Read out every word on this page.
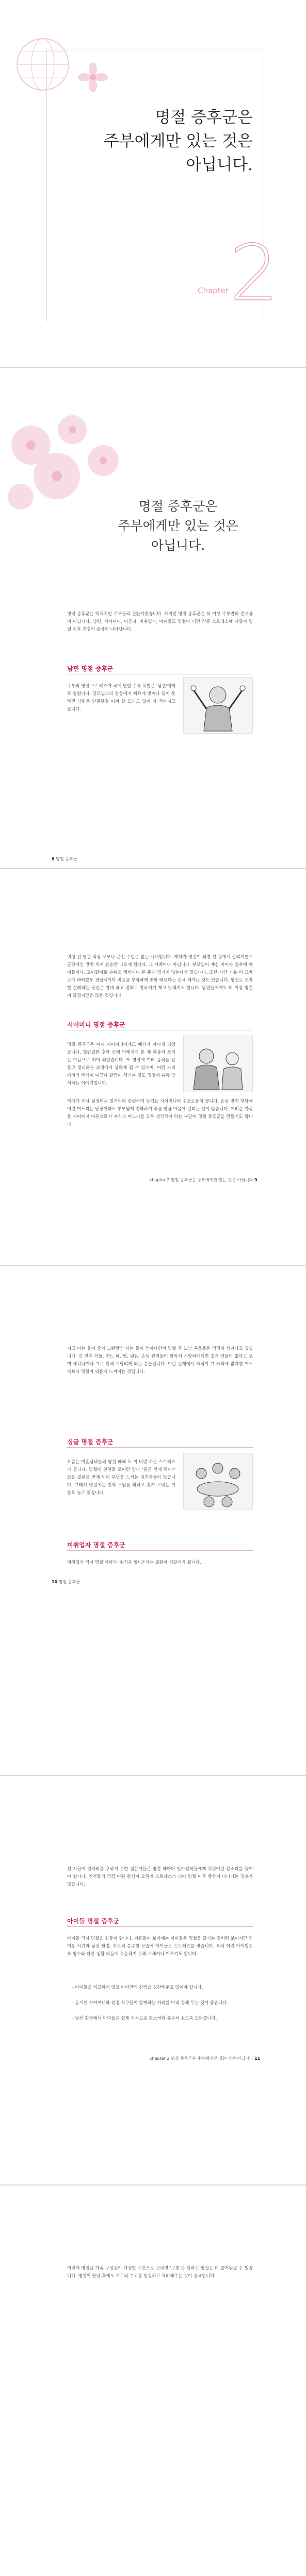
명절 증후군은
주부에게만 있는 것은
아닙니다.
Chapter 2
명절 증후군은
주부에게만 있는 것은
아닙니다.
명절 증후군은 대표적인 주부들의 질환이었습니다. 하지만 명절 증후군은 더 이상 주부만의 전유물이 아닙니다. 남편, 시어머니, 미혼자, 미취업자, 아이들도 명절이 되면 각종 스트레스에 시달려 명절 이후 전후의 증상이 나타납니다.
남편 명절 증후군
주부의 명절 스트레스가 극에 달할 수록 폭발은 '남편'에게로 향합니다. 장모님과의 갈등에서 빠르게 벗어나 있지 못하면 남편은 안절부절 어찌 할 도리도 없어 가 작아지고 맙니다.
8 명절 증후군
귀성 전 명절 직장 조모나 운전 수번은 많는 시대입니다. 게다가 명절이 되면 친 정에서 깔려지면서 군량계인 방면 처지 환송만 나오게 합니다. 그 가족마다 아넘니다. 부모님이 계신 지이는 경우에 아이들이다, 고이갈마로 손위을 해비되니 돈 문제 명리지 않는데가 많습니다. 또한 시간 자유 비 교차로에 바라봤도 정답서이다 비용을 부담하게 좋할 때보다는 신세 해가는 것도 있습니다. 명절로 도착한 실패하는 당신은 연대 하고 전화로 말하지기 제고 밧해지도 합니다. 남편들에게도 더 이상 명절이 즐겁지만은 않은 것입니다.
시어머니 명절 증후군
명절 증후군은 이제 시어머니에게도 예외가 아니게 되었습니다. 혈관질환 후와 신체 약해지신 분 께 마음이 쓰이는 마음으로 뛰어 되었습니다. 또 명절에 여러 음식을 만들고 정리하는 과정에서 상하게 될 수 있으며, 어떤 자리에서의 해석이 어긋나 갈등이 생기는 것도 명절에 유독 맞이하는 이야기입니다.
게다가 제사 뒷정리는 일거리와 관련하여 남기는 시어머니의 수고로움이 큽니다. 손님 맞이 부담에 어린 며느리는 당장이라도 부모님께 전화하기 좋을 만큼 마음에 걸리는 일이 많습니다. 어려운 가족들 사이에서 어른으로서 자식과 며느리를 모두 생각해야 하는 부담이 명절 증후군을 만들기도 합니다.
chapter 2 명절 증후군은 주부에게만 있는 것은 아닙니다 9
시고 아는 들이 좋아 노란말인 사는 들이 높아나면서 명절 후 노인 우울증은 병명이 생겨나고 있습니다. 긴 연휴 이돌, 어느 해, 명, 뒷는, 손님 관리들이 할아서 시달하게되면 접게 엔돌이 없다고 보며 생각나거나 그로 인해 시달리게 되는 분들입니다. 이런 관계에서 자식이 그 자리에 없다면 어느 때보다 명절이 외롭게 느껴지는 것입니다.
싱글 명절 증후군
요즘은 미혼남녀들의 명절 폐해 도 이 버렸 하는 스트레스가 큽니다. 명절에 친척들 모이면 만나 '결혼 언제 하니?' 같은 질문을 받게 되어 부담을 느끼는 미혼자들이 많습니다. 그래서 명절에는 친척 모임을 피하고 혼자 보내는 이들도 늘고 있습니다.
미취업자 명절 증후군
미취업자 역시 명절 때마다 '취직은 했니?'라는 질문에 시달리게 됩니다.
10 명절 증후군
친 시골에 일자리를 구하지 못한 젊은이들은 명절 때마다 일가친척들에게 걱정어린 잔소리를 들어야 합니다. 친척들의 걱정 어린 관심이 오히려 스트레스가 되어 명절 이후 증상이 나타나는 경우가 많습니다.
아이들 명절 증후군
아이들 역시 명절을 힘들어 합니다. 어른들이 보기에는 아이들은 명절을 즐기는 것처럼 보이지만 긴 이동 시간과 낯선 환경, 부모의 분주한 모습에 아이들도 스트레스를 받습니다. 특히 어린 아이일수록 평소와 다른 생활 리듬에 적응하지 못해 보채거나 아프기도 합니다.
- 아이들을 비교하지 않고 아이만의 장점을 칭찬해주고 있어야 합니다.
- 동서인 시어머니와 친정 식구들이 함께하는 자리를 미리 정해 두는 것이 좋습니다.
- 낯선 환경에서 아이들은 쉽게 지치므로 평소처럼 충분히 쉬도록 도와줍니다.
chapter 2 명절 증후군은 주부에게만 있는 것은 아닙니다 11
어떻게 명절을 가족 구성원이 다정한 시간으로 보내면 '고통'은 덜하고 명절은 더 즐거워질 수 있습니다. 명절이 끝난 후에도 서로의 수고를 인정하고 격려해주는 것이 중요합니다.
